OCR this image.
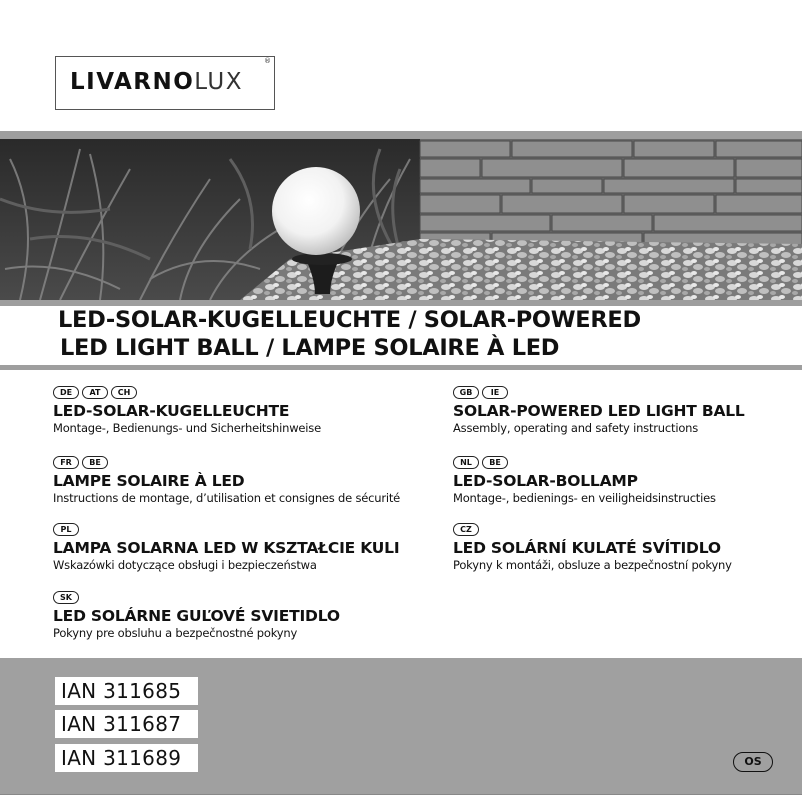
LIVARNOLUX
®
LED-SOLAR-KUGELLEUCHTE / SOLAR-POWERED
LED LIGHT BALL / LAMPE SOLAIRE À LED
DE	AT	CH
LED-SOLAR-KUGELLEUCHTE
Montage-, Bedienungs- und Sicherheitshinweise
GB	IE
SOLAR-POWERED LED LIGHT BALL
Assembly, operating and safety instructions
FR	BE
LAMPE SOLAIRE À LED
Instructions de montage, d’utilisation et consignes de sécurité
NL	BE
LED-SOLAR-BOLLAMP
Montage-, bedienings- en veiligheidsinstructies
PL
LAMPA SOLARNA LED W KSZTAŁCIE KULI
Wskazówki dotyczące obsługi i bezpieczeństwa
CZ
LED SOLÁRNÍ KULATÉ SVÍTIDLO
Pokyny k montáži, obsluze a bezpečnostní pokyny
SK
LED SOLÁRNE GUĽOVÉ SVIETIDLO
Pokyny pre obsluhu a bezpečnostné pokyny
IAN 311685
IAN 311687
IAN 311689	OS
